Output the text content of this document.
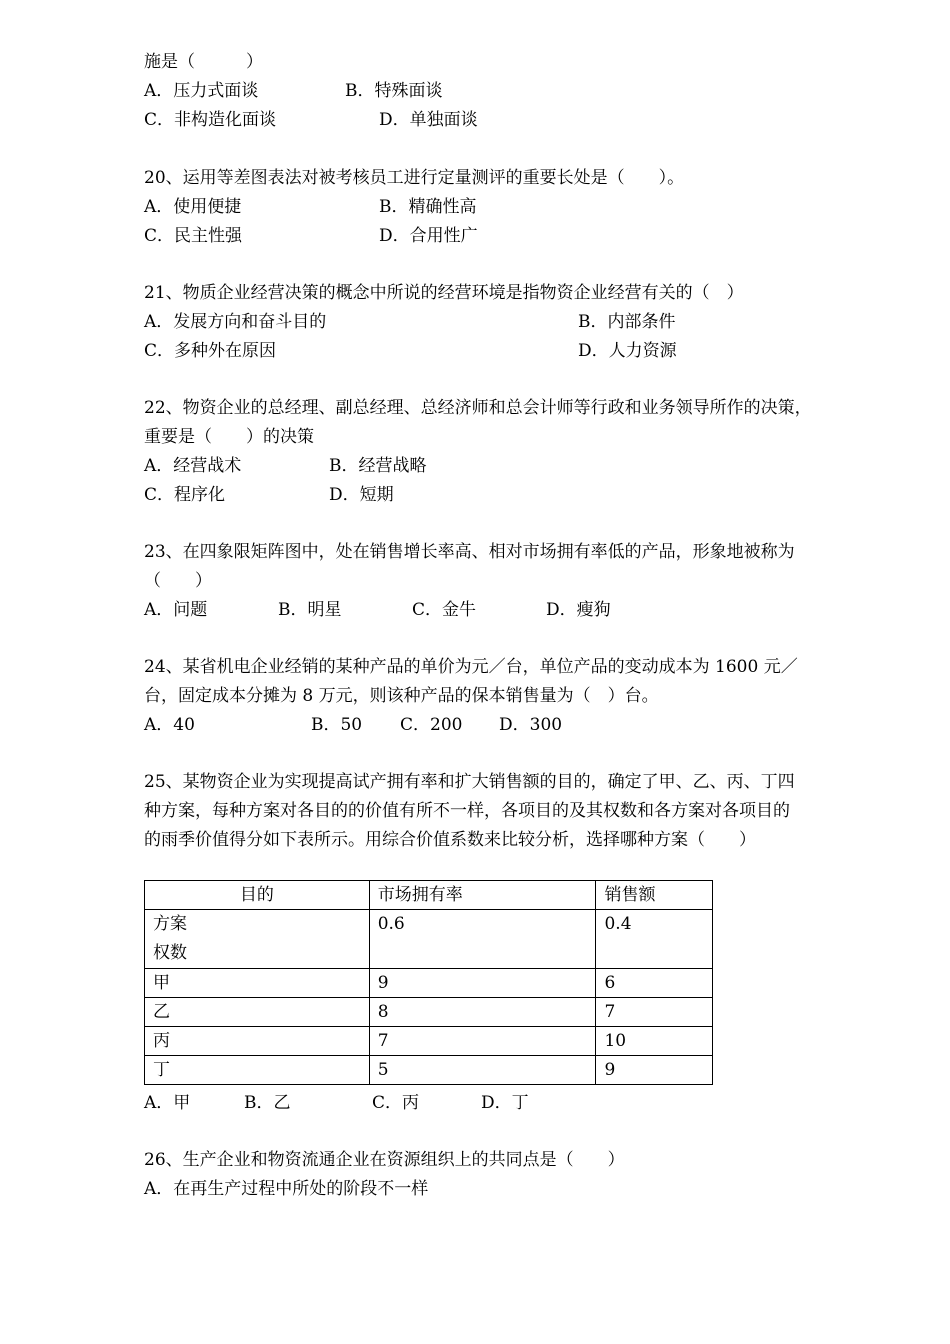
施是（　　　）
A．压力式面谈	B．特殊面谈
C．非构造化面谈	D．单独面谈
20、运用等差图表法对被考核员工进行定量测评的重要长处是（　　）。
A．使用便捷	B．精确性高
C．民主性强	D．合用性广
21、物质企业经营决策的概念中所说的经营环境是指物资企业经营有关的（　）
A．发展方向和奋斗目的	B．内部条件
C．多种外在原因	D．人力资源
22、物资企业的总经理、副总经理、总经济师和总会计师等行政和业务领导所作的决策，
重要是（　　）的决策
A．经营战术	B．经营战略
C．程序化	D．短期
23、在四象限矩阵图中，处在销售增长率高、相对市场拥有率低的产品，形象地被称为
（　　）
A．问题	B．明星	C．金牛	D．瘦狗
24、某省机电企业经销的某种产品的单价为元／台，单位产品的变动成本为 1600 元／
台，固定成本分摊为 8 万元，则该种产品的保本销售量为（　）台。
A．40	B．50 C．200 D．300
25、某物资企业为实现提高试产拥有率和扩大销售额的目的，确定了甲、乙、丙、丁四
种方案，每种方案对各目的的价值有所不一样，各项目的及其权数和各方案对各项目的
的雨季价值得分如下表所示。用综合价值系数来比较分析，选择哪种方案（　　）
目的	市场拥有率	销售额

方案
权数	0.6	0.4
甲	9	6
乙	8	7
丙	7	10
丁	5	9
A．甲	B．乙	C．丙	D．丁
26、生产企业和物资流通企业在资源组织上的共同点是（　　）
A．在再生产过程中所处的阶段不一样
